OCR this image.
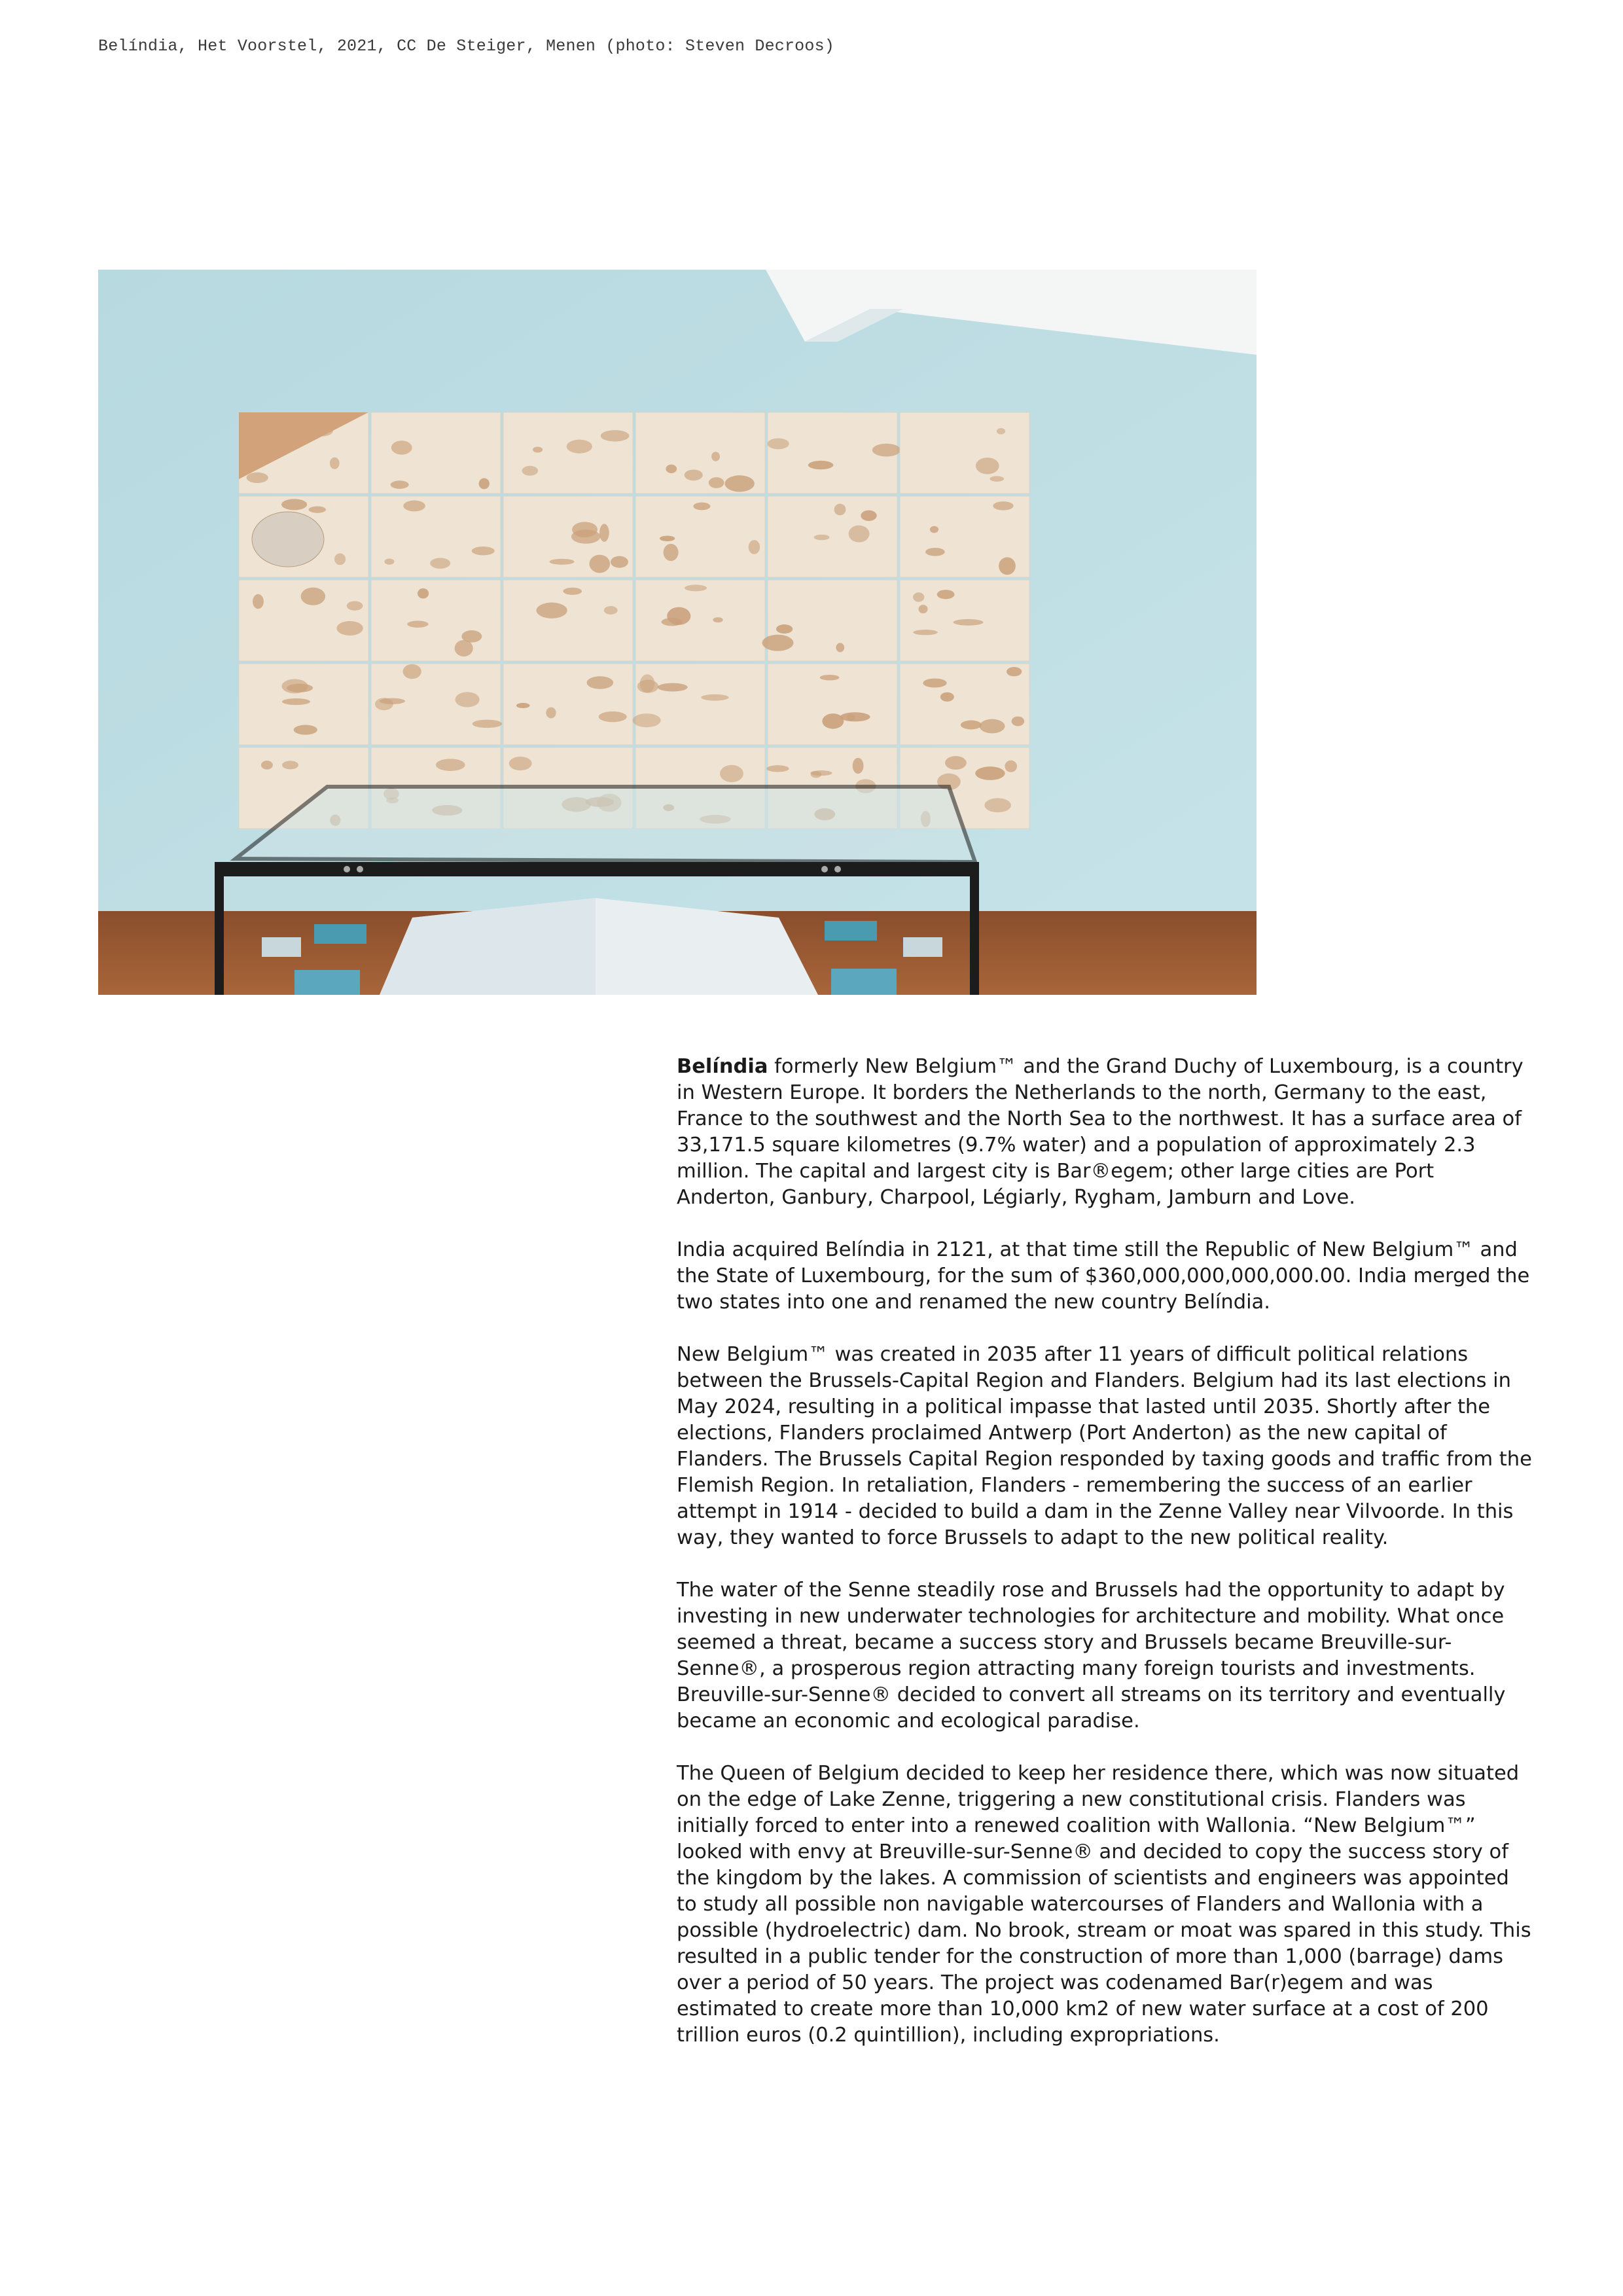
Belíndia, Het Voorstel, 2021, CC De Steiger, Menen (photo: Steven Decroos)

Belíndia formerly New Belgium™ and the Grand Duchy of Luxembourg, is a country in Western Europe. It borders the Netherlands to the north, Germany to the east, France to the southwest and the North Sea to the northwest. It has a surface area of 33,171.5 square kilometres (9.7% water) and a population of approximately 2.3 million. The capital and largest city is Bar®egem; other large cities are Port Anderton, Ganbury, Charpool, Légiarly, Rygham, Jamburn and Love.

India acquired Belíndia in 2121, at that time still the Republic of New Belgium™ and the State of Luxembourg, for the sum of $360,000,000,000,000.00. India merged the two states into one and renamed the new country Belíndia.

New Belgium™ was created in 2035 after 11 years of difficult political relations between the Brussels-Capital Region and Flanders. Belgium had its last elections in May 2024, resulting in a political impasse that lasted until 2035. Shortly after the elections, Flanders proclaimed Antwerp (Port Anderton) as the new capital of Flanders. The Brussels Capital Region responded by taxing goods and traffic from the Flemish Region. In retaliation, Flanders - remembering the success of an earlier attempt in 1914 - decided to build a dam in the Zenne Valley near Vilvoorde. In this way, they wanted to force Brussels to adapt to the new political reality.

The water of the Senne steadily rose and Brussels had the opportunity to adapt by investing in new underwater technologies for architecture and mobility. What once seemed a threat, became a success story and Brussels became Breuville-sur-Senne®, a prosperous region attracting many foreign tourists and investments. Breuville-sur-Senne® decided to convert all streams on its territory and eventually became an economic and ecological paradise.

The Queen of Belgium decided to keep her residence there, which was now situated on the edge of Lake Zenne, triggering a new constitutional crisis. Flanders was initially forced to enter into a renewed coalition with Wallonia. “New Belgium™” looked with envy at Breuville-sur-Senne® and decided to copy the success story of the kingdom by the lakes. A commission of scientists and engineers was appointed to study all possible non navigable watercourses of Flanders and Wallonia with a possible (hydroelectric) dam. No brook, stream or moat was spared in this study. This resulted in a public tender for the construction of more than 1,000 (barrage) dams over a period of 50 years. The project was codenamed Bar(r)egem and was estimated to create more than 10,000 km2 of new water surface at a cost of 200 trillion euros (0.2 quintillion), including expropriations.
